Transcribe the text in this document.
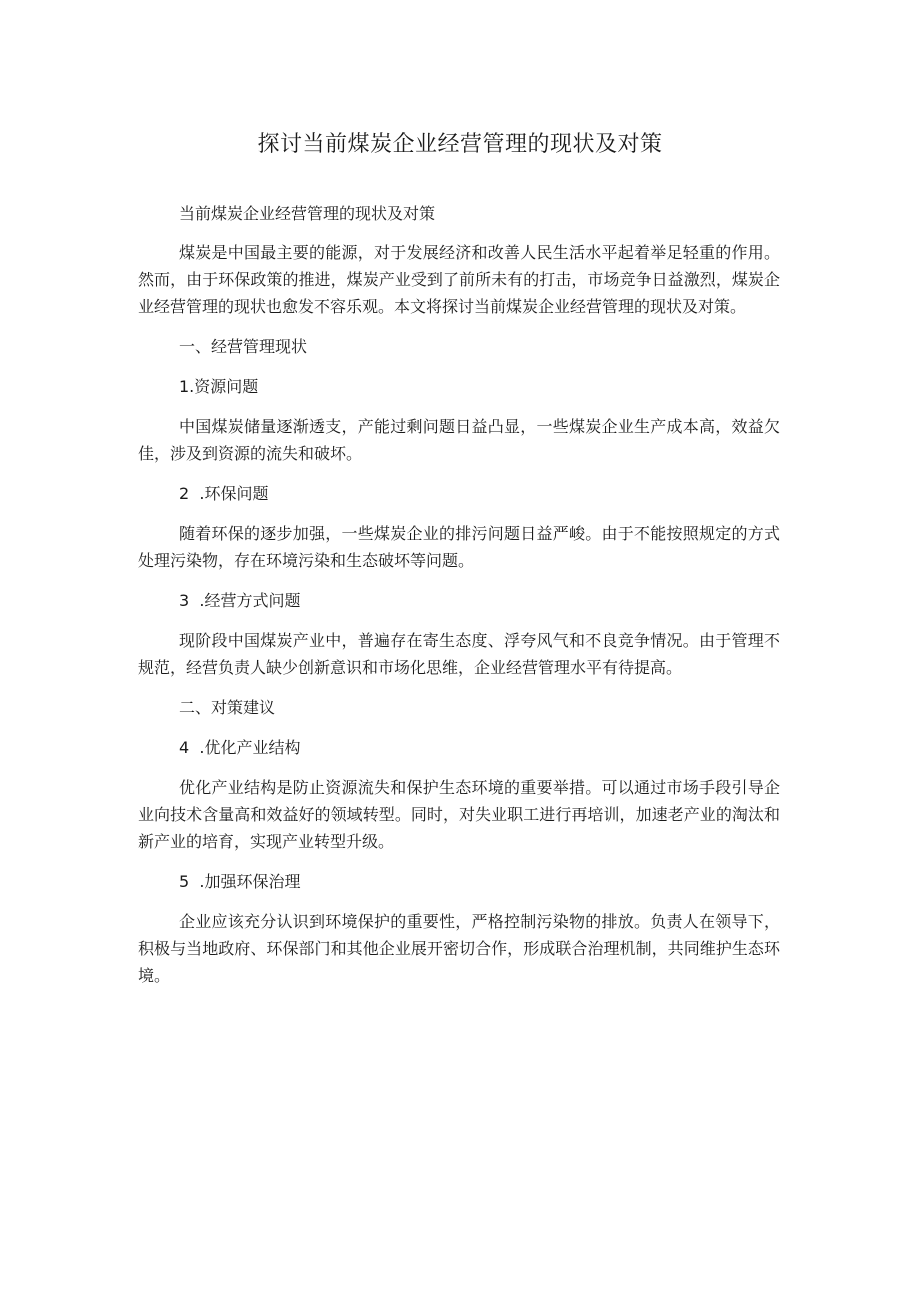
探讨当前煤炭企业经营管理的现状及对策

当前煤炭企业经营管理的现状及对策

煤炭是中国最主要的能源，对于发展经济和改善人民生活水平起着举足轻重的作用。然而，由于环保政策的推进，煤炭产业受到了前所未有的打击，市场竞争日益激烈，煤炭企业经营管理的现状也愈发不容乐观。本文将探讨当前煤炭企业经营管理的现状及对策。

一、经营管理现状

1.资源问题

中国煤炭储量逐渐透支，产能过剩问题日益凸显，一些煤炭企业生产成本高，效益欠佳，涉及到资源的流失和破坏。

2  .环保问题

随着环保的逐步加强，一些煤炭企业的排污问题日益严峻。由于不能按照规定的方式处理污染物，存在环境污染和生态破坏等问题。

3  .经营方式问题

现阶段中国煤炭产业中，普遍存在寄生态度、浮夸风气和不良竞争情况。由于管理不规范，经营负责人缺少创新意识和市场化思维，企业经营管理水平有待提高。

二、对策建议

4  .优化产业结构

优化产业结构是防止资源流失和保护生态环境的重要举措。可以通过市场手段引导企业向技术含量高和效益好的领域转型。同时，对失业职工进行再培训，加速老产业的淘汰和新产业的培育，实现产业转型升级。

5  .加强环保治理

企业应该充分认识到环境保护的重要性，严格控制污染物的排放。负责人在领导下，积极与当地政府、环保部门和其他企业展开密切合作，形成联合治理机制，共同维护生态环境。
